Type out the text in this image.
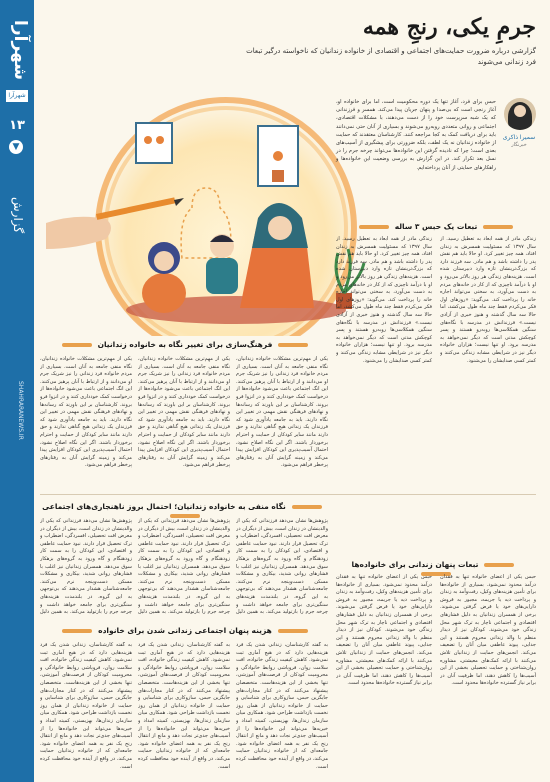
شهرآرا
شهرآرا نیوز
۱۳
▼
گزارش
SHAHRARANEWS.IR
جرمِ یکی، رنجِ همه
گزارشی درباره ضرورت حمایت‌های اجتماعی و اقتصادی از خانواده زندانیان که ناخواسته درگیر تبعات فرد زندانی می‌شوند
سمیرا ذاکری
خبرنگار
حبس برای فرد، آغاز تنها یک دوره محکومیت است، اما برای خانواده او، آغاز رنجی است که بی‌صدا و پنهان جریان پیدا می‌کند. همسر و فرزندانی که یک شبه سرپرست خود را از دست می‌دهند، با مشکلات اقتصادی، اجتماعی و روانی متعددی روبه‌رو می‌شوند و بسیاری از آنان حتی نمی‌دانند باید برای دریافت کمک به کجا مراجعه کنند. کارشناسان معتقدند که حمایت از خانواده زندانیان نه یک لطف، بلکه ضرورتی برای پیشگیری از آسیب‌های بعدی است؛ چرا که نادیده گرفتن این خانواده‌ها می‌تواند چرخه جرم را در نسل بعد تکرار کند. در این گزارش به بررسی وضعیت این خانواده‌ها و راهکارهای حمایتی از آنان پرداخته‌ایم.
تبعات یک حبس ۳ ساله

زندگی مادر از همه ابعاد به تعطیل رسید. از سال ۱۳۹۷ که مسئولیت همسرش به زندان افتاد، همه چیز تغییر کرد. او حالا باید هم نقش پدر را داشته باشد و هم مادر. سه فرزند دارد که بزرگ‌ترینشان تازه وارد دبیرستان شده است. هزینه‌های زندگی هر روز بالاتر می‌رود و او با درآمد ناچیزی که از کار در خانه‌های مردم به دست می‌آورد، به سختی می‌تواند اجاره خانه را پرداخت کند. می‌گوید: «روزهای اول فکر می‌کردم فقط چند ماه طول می‌کشد، اما حالا سه سال گذشته و هنوز خبری از آزادی نیست.» فرزندانش در مدرسه با نگاه‌های سنگین همکلاسی‌ها روبه‌رو هستند و پسر کوچکش مدتی است که دیگر نمی‌خواهد به مدرسه برود. او تنها نیست؛ هزاران خانواده دیگر نیز در شرایطی مشابه زندگی می‌کنند و کمتر کسی صدایشان را می‌شنود.

زندگی مادر از همه ابعاد به تعطیل رسید. از سال ۱۳۹۷ که مسئولیت همسرش به زندان افتاد، همه چیز تغییر کرد. او حالا باید هم نقش پدر را داشته باشد و هم مادر. سه فرزند دارد که بزرگ‌ترینشان تازه وارد دبیرستان شده است. هزینه‌های زندگی هر روز بالاتر می‌رود و او با درآمد ناچیزی که از کار در خانه‌های مردم به دست می‌آورد، به سختی می‌تواند اجاره خانه را پرداخت کند. می‌گوید: «روزهای اول فکر می‌کردم فقط چند ماه طول می‌کشد، اما حالا سه سال گذشته و هنوز خبری از آزادی نیست.» فرزندانش در مدرسه با نگاه‌های سنگین همکلاسی‌ها روبه‌رو هستند و پسر کوچکش مدتی است که دیگر نمی‌خواهد به مدرسه برود. او تنها نیست؛ هزاران خانواده دیگر نیز در شرایطی مشابه زندگی می‌کنند و کمتر کسی صدایشان را می‌شنود.

فرهنگ‌سازی برای تغییر نگاه به خانواده زندانیان

یکی از مهم‌ترین مشکلات خانواده زندانیان، نگاه منفی جامعه به آنان است. بسیاری از مردم خانواده فرد زندانی را نیز شریک جرم او می‌دانند و از ارتباط با آنان پرهیز می‌کنند. این انگ اجتماعی باعث می‌شود خانواده‌ها از درخواست کمک خودداری کنند و در انزوا فرو بروند. کارشناسان بر این باورند که رسانه‌ها و نهادهای فرهنگی نقش مهمی در تغییر این نگاه دارند. باید به جامعه یادآوری شود که فرزندان یک زندانی هیچ گناهی ندارند و حق دارند مانند سایر کودکان از حمایت و احترام برخوردار باشند. اگر این نگاه اصلاح نشود، احتمال آسیب‌پذیری این کودکان افزایش پیدا می‌کند و زمینه گرایش آنان به رفتارهای پرخطر فراهم می‌شود.

یکی از مهم‌ترین مشکلات خانواده زندانیان، نگاه منفی جامعه به آنان است. بسیاری از مردم خانواده فرد زندانی را نیز شریک جرم او می‌دانند و از ارتباط با آنان پرهیز می‌کنند. این انگ اجتماعی باعث می‌شود خانواده‌ها از درخواست کمک خودداری کنند و در انزوا فرو بروند. کارشناسان بر این باورند که رسانه‌ها و نهادهای فرهنگی نقش مهمی در تغییر این نگاه دارند. باید به جامعه یادآوری شود که فرزندان یک زندانی هیچ گناهی ندارند و حق دارند مانند سایر کودکان از حمایت و احترام برخوردار باشند. اگر این نگاه اصلاح نشود، احتمال آسیب‌پذیری این کودکان افزایش پیدا می‌کند و زمینه گرایش آنان به رفتارهای پرخطر فراهم می‌شود.

یکی از مهم‌ترین مشکلات خانواده زندانیان، نگاه منفی جامعه به آنان است. بسیاری از مردم خانواده فرد زندانی را نیز شریک جرم او می‌دانند و از ارتباط با آنان پرهیز می‌کنند. این انگ اجتماعی باعث می‌شود خانواده‌ها از درخواست کمک خودداری کنند و در انزوا فرو بروند. کارشناسان بر این باورند که رسانه‌ها و نهادهای فرهنگی نقش مهمی در تغییر این نگاه دارند. باید به جامعه یادآوری شود که فرزندان یک زندانی هیچ گناهی ندارند و حق دارند مانند سایر کودکان از حمایت و احترام برخوردار باشند. اگر این نگاه اصلاح نشود، احتمال آسیب‌پذیری این کودکان افزایش پیدا می‌کند و زمینه گرایش آنان به رفتارهای پرخطر فراهم می‌شود.

نگاه منفی به خانواده زندانیان؛ احتمال بروز ناهنجاری‌های اجتماعی

پژوهش‌ها نشان می‌دهد فرزندانی که یکی از والدینشان در زندان است، بیش از دیگران در معرض افت تحصیلی، افسردگی، اضطراب و ترک تحصیل قرار دارند. نبود حمایت عاطفی و اقتصادی، این کودکان را به سمت کار زودهنگام و گاه ورود به گروه‌های بزهکار سوق می‌دهد. همسران زندانیان نیز اغلب با فشارهای روانی شدید، بیکاری و مشکلات مسکن دست‌وپنجه نرم می‌کنند. جامعه‌شناسان هشدار می‌دهند که بی‌توجهی به این گروه، در بلندمدت هزینه‌های سنگین‌تری برای جامعه خواهد داشت و چرخه جرم را بازتولید می‌کند. به همین دلیل

پژوهش‌ها نشان می‌دهد فرزندانی که یکی از والدینشان در زندان است، بیش از دیگران در معرض افت تحصیلی، افسردگی، اضطراب و ترک تحصیل قرار دارند. نبود حمایت عاطفی و اقتصادی، این کودکان را به سمت کار زودهنگام و گاه ورود به گروه‌های بزهکار سوق می‌دهد. همسران زندانیان نیز اغلب با فشارهای روانی شدید، بیکاری و مشکلات مسکن دست‌وپنجه نرم می‌کنند. جامعه‌شناسان هشدار می‌دهند که بی‌توجهی به این گروه، در بلندمدت هزینه‌های سنگین‌تری برای جامعه خواهد داشت و چرخه جرم را بازتولید می‌کند. به همین دلیل

پژوهش‌ها نشان می‌دهد فرزندانی که یکی از والدینشان در زندان است، بیش از دیگران در معرض افت تحصیلی، افسردگی، اضطراب و ترک تحصیل قرار دارند. نبود حمایت عاطفی و اقتصادی، این کودکان را به سمت کار زودهنگام و گاه ورود به گروه‌های بزهکار سوق می‌دهد. همسران زندانیان نیز اغلب با فشارهای روانی شدید، بیکاری و مشکلات مسکن دست‌وپنجه نرم می‌کنند. جامعه‌شناسان هشدار می‌دهند که بی‌توجهی به این گروه، در بلندمدت هزینه‌های سنگین‌تری برای جامعه خواهد داشت و چرخه جرم را بازتولید می‌کند. به همین دلیل

تبعات پنهان زندانی برای خانواده‌ها

حبس یکی از اعضای خانواده تنها به فقدان درآمد محدود نمی‌شود. بسیاری از خانواده‌ها برای تأمین هزینه‌های وکیل، رفت‌وآمد به زندان و پرداخت دیه یا جریمه، مجبور به فروش دارایی‌های خود یا قرض گرفتن می‌شوند. برخی از همسران زندانیان به دلیل فشارهای اقتصادی و اجتماعی ناچار به ترک شهر محل زندگی خود می‌شوند. کودکان نیز از دیدار منظم با والد زندانی محروم هستند و این جدایی، پیوند عاطفی میان آنان را تضعیف می‌کند. انجمن‌های حمایت از زندانیان تلاش می‌کنند با ارائه کمک‌های معیشتی، مشاوره روان‌شناختی و حمایت تحصیلی بخشی از این آسیب‌ها را کاهش دهند، اما ظرفیت آنان در برابر نیاز گسترده خانواده‌ها محدود است.

حبس یکی از اعضای خانواده تنها به فقدان درآمد محدود نمی‌شود. بسیاری از خانواده‌ها برای تأمین هزینه‌های وکیل، رفت‌وآمد به زندان و پرداخت دیه یا جریمه، مجبور به فروش دارایی‌های خود یا قرض گرفتن می‌شوند. برخی از همسران زندانیان به دلیل فشارهای اقتصادی و اجتماعی ناچار به ترک شهر محل زندگی خود می‌شوند. کودکان نیز از دیدار منظم با والد زندانی محروم هستند و این جدایی، پیوند عاطفی میان آنان را تضعیف می‌کند. انجمن‌های حمایت از زندانیان تلاش می‌کنند با ارائه کمک‌های معیشتی، مشاوره روان‌شناختی و حمایت تحصیلی بخشی از این آسیب‌ها را کاهش دهند، اما ظرفیت آنان در برابر نیاز گسترده خانواده‌ها محدود است.

هزینه پنهان اجتماعی زندانی شدن برای خانواده

به گفته کارشناسان، زندانی شدن یک فرد هزینه‌هایی دارد که در هیچ آماری ثبت نمی‌شود. کاهش کیفیت زندگی خانواده، افت سلامت روان، فروپاشی روابط خانوادگی و محرومیت کودکان از فرصت‌های آموزشی، تنها بخشی از این هزینه‌هاست. متخصصان پیشنهاد می‌کنند که در کنار مجازات‌های جایگزین حبس، سازوکاری برای شناسایی و حمایت از خانواده زندانیان از همان روز نخست بازداشت طراحی شود. همکاری میان سازمان زندان‌ها، بهزیستی، کمیته امداد و خیریه‌ها می‌تواند این خانواده‌ها را از آسیب‌های جدی‌تر نجات دهد و مانع از انتقال رنج یک نفر به همه اعضای خانواده شود. جامعه‌ای که از خانواده زندانیان حمایت می‌کند، در واقع از آینده خود محافظت کرده است.

به گفته کارشناسان، زندانی شدن یک فرد هزینه‌هایی دارد که در هیچ آماری ثبت نمی‌شود. کاهش کیفیت زندگی خانواده، افت سلامت روان، فروپاشی روابط خانوادگی و محرومیت کودکان از فرصت‌های آموزشی، تنها بخشی از این هزینه‌هاست. متخصصان پیشنهاد می‌کنند که در کنار مجازات‌های جایگزین حبس، سازوکاری برای شناسایی و حمایت از خانواده زندانیان از همان روز نخست بازداشت طراحی شود. همکاری میان سازمان زندان‌ها، بهزیستی، کمیته امداد و خیریه‌ها می‌تواند این خانواده‌ها را از آسیب‌های جدی‌تر نجات دهد و مانع از انتقال رنج یک نفر به همه اعضای خانواده شود. جامعه‌ای که از خانواده زندانیان حمایت می‌کند، در واقع از آینده خود محافظت کرده است.

به گفته کارشناسان، زندانی شدن یک فرد هزینه‌هایی دارد که در هیچ آماری ثبت نمی‌شود. کاهش کیفیت زندگی خانواده، افت سلامت روان، فروپاشی روابط خانوادگی و محرومیت کودکان از فرصت‌های آموزشی، تنها بخشی از این هزینه‌هاست. متخصصان پیشنهاد می‌کنند که در کنار مجازات‌های جایگزین حبس، سازوکاری برای شناسایی و حمایت از خانواده زندانیان از همان روز نخست بازداشت طراحی شود. همکاری میان سازمان زندان‌ها، بهزیستی، کمیته امداد و خیریه‌ها می‌تواند این خانواده‌ها را از آسیب‌های جدی‌تر نجات دهد و مانع از انتقال رنج یک نفر به همه اعضای خانواده شود. جامعه‌ای که از خانواده زندانیان حمایت می‌کند، در واقع از آینده خود محافظت کرده است.
